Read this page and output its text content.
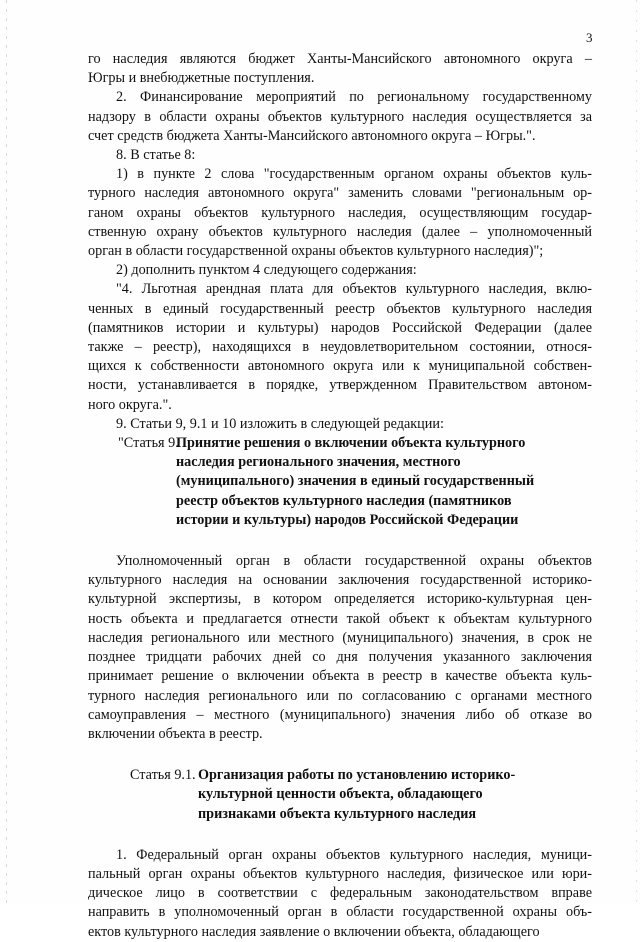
3
го наследия являются бюджет Ханты-Мансийского автономного округа –
Югры и внебюджетные поступления.
2. Финансирование мероприятий по региональному государственному
надзору в области охраны объектов культурного наследия осуществляется за
счет средств бюджета Ханты-Мансийского автономного округа – Югры.".
8. В статье 8:
1) в пункте 2 слова "государственным органом охраны объектов куль-
турного наследия автономного округа" заменить словами "региональным ор-
ганом охраны объектов культурного наследия, осуществляющим государ-
ственную охрану объектов культурного наследия (далее – уполномоченный
орган в области государственной охраны объектов культурного наследия)";
2) дополнить пунктом 4 следующего содержания:
"4. Льготная арендная плата для объектов культурного наследия, вклю-
ченных в единый государственный реестр объектов культурного наследия
(памятников истории и культуры) народов Российской Федерации (далее
также – реестр), находящихся в неудовлетворительном состоянии, относя-
щихся к собственности автономного округа или к муниципальной собствен-
ности, устанавливается в порядке, утвержденном Правительством автоном-
ного округа.".
9. Статьи 9, 9.1 и 10 изложить в следующей редакции:
"Статья 9.
Принятие решения о включении объекта культурного
наследия регионального значения, местного
(муниципального) значения в единый государственный
реестр объектов культурного наследия (памятников
истории и культуры) народов Российской Федерации
Уполномоченный орган в области государственной охраны объектов
культурного наследия на основании заключения государственной историко-
культурной экспертизы, в котором определяется историко-культурная цен-
ность объекта и предлагается отнести такой объект к объектам культурного
наследия регионального или местного (муниципального) значения, в срок не
позднее тридцати рабочих дней со дня получения указанного заключения
принимает решение о включении объекта в реестр в качестве объекта куль-
турного наследия регионального или по согласованию с органами местного
самоуправления – местного (муниципального) значения либо об отказе во
включении объекта в реестр.
Статья 9.1. Организация работы по установлению историко-
культурной ценности объекта, обладающего
признаками объекта культурного наследия
1. Федеральный орган охраны объектов культурного наследия, муници-
пальный орган охраны объектов культурного наследия, физическое или юри-
дическое лицо в соответствии с федеральным законодательством вправе
направить в уполномоченный орган в области государственной охраны объ-
ектов культурного наследия заявление о включении объекта, обладающего
